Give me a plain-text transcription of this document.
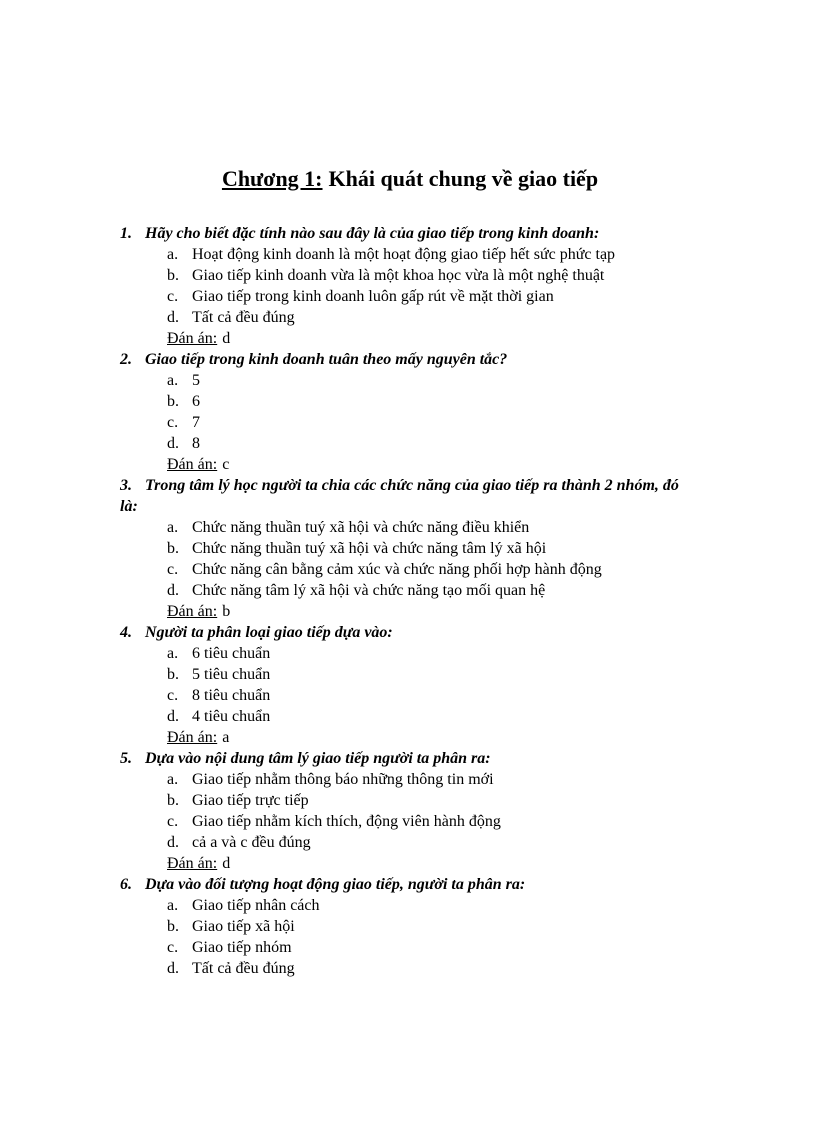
Chương 1: Khái quát chung về giao tiếp
1. Hãy cho biết đặc tính nào sau đây là của giao tiếp trong kinh doanh:
a. Hoạt động kinh doanh là một hoạt động giao tiếp hết sức phức tạp
b. Giao tiếp kinh doanh vừa là một khoa học vừa là một nghệ thuật
c. Giao tiếp trong kinh doanh luôn gấp rút về mặt thời gian
d. Tất cả đều đúng
Đán án: d
2. Giao tiếp trong kinh doanh tuân theo mấy nguyên tắc?
a. 5
b. 6
c. 7
d. 8
Đán án: c
3. Trong tâm lý học người ta chia các chức năng của giao tiếp ra thành 2 nhóm, đó là:
a. Chức năng thuần tuý xã hội và chức năng điều khiển
b. Chức năng thuần tuý xã hội và chức năng tâm lý xã hội
c. Chức năng cân bằng cảm xúc và chức năng phối hợp hành động
d. Chức năng tâm lý xã hội và chức năng tạo mối quan hệ
Đán án: b
4. Người ta phân loại giao tiếp dựa vào:
a. 6 tiêu chuẩn
b. 5 tiêu chuẩn
c. 8 tiêu chuẩn
d. 4 tiêu chuẩn
Đán án: a
5. Dựa vào nội dung tâm lý giao tiếp người ta phân ra:
a. Giao tiếp nhằm thông báo những thông tin mới
b. Giao tiếp trực tiếp
c. Giao tiếp nhằm kích thích, động viên hành động
d. cả a và c đều đúng
Đán án: d
6. Dựa vào đối tượng hoạt động giao tiếp, người ta phân ra:
a. Giao tiếp nhân cách
b. Giao tiếp xã hội
c. Giao tiếp nhóm
d. Tất cả đều đúng
